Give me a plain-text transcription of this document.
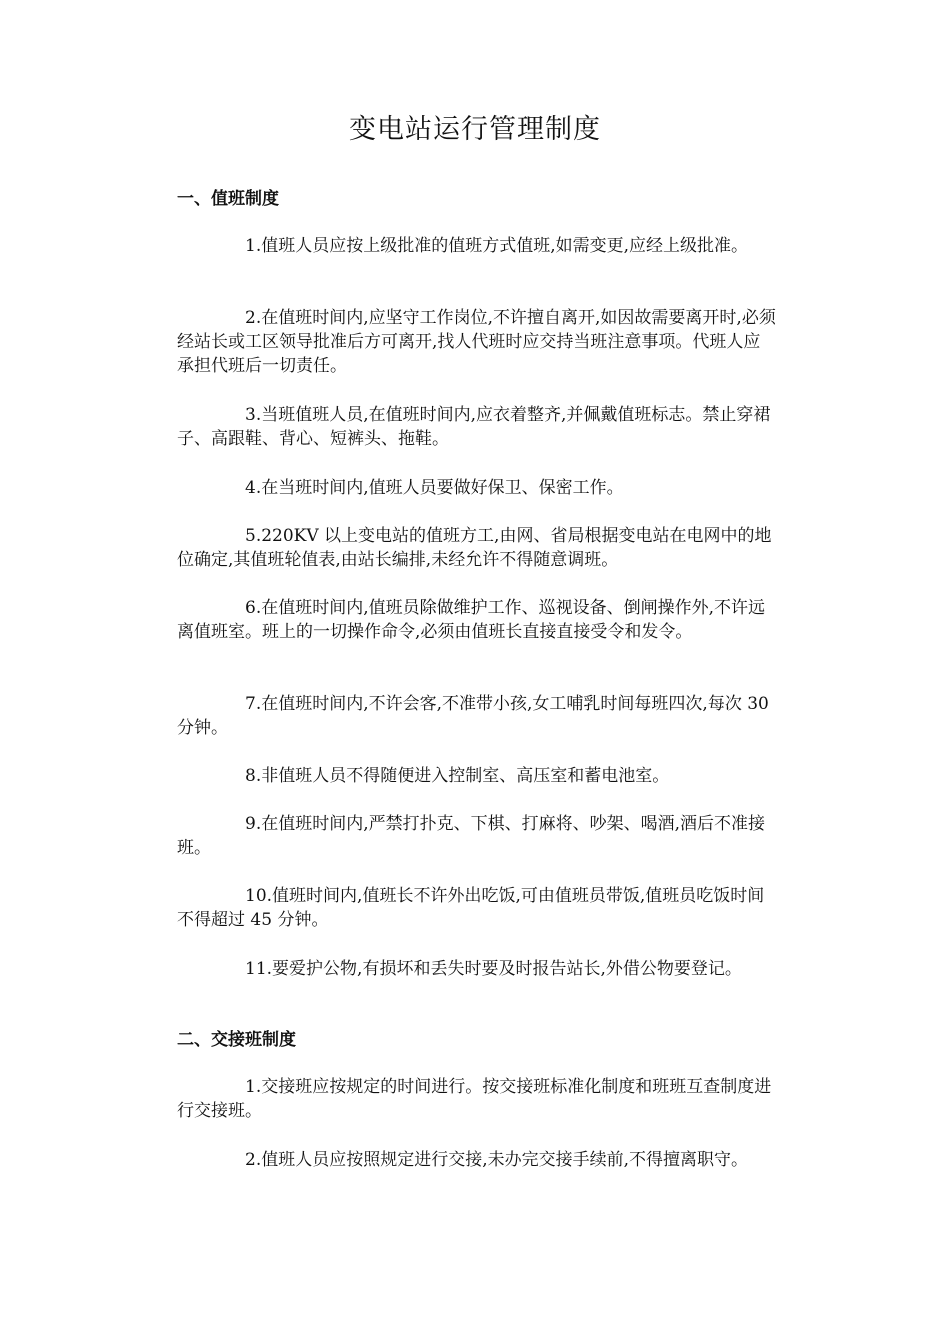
变电站运行管理制度
一、值班制度

1.值班人员应按上级批准的值班方式值班,如需变更,应经上级批准。

2.在值班时间内,应坚守工作岗位,不许擅自离开,如因故需要离开时,必须经站长或工区领导批准后方可离开,找人代班时应交持当班注意事项。代班人应承担代班后一切责任。

3.当班值班人员,在值班时间内,应衣着整齐,并佩戴值班标志。禁止穿裙子、高跟鞋、背心、短裤头、拖鞋。

4.在当班时间内,值班人员要做好保卫、保密工作。

5.220KV 以上变电站的值班方工,由网、省局根据变电站在电网中的地位确定,其值班轮值表,由站长编排,未经允许不得随意调班。

6.在值班时间内,值班员除做维护工作、巡视设备、倒闸操作外,不许远离值班室。班上的一切操作命令,必须由值班长直接直接受令和发令。

7.在值班时间内,不许会客,不准带小孩,女工哺乳时间每班四次,每次 30 分钟。

8.非值班人员不得随便进入控制室、高压室和蓄电池室。

9.在值班时间内,严禁打扑克、下棋、打麻将、吵架、喝酒,酒后不准接班。

10.值班时间内,值班长不许外出吃饭,可由值班员带饭,值班员吃饭时间不得超过 45 分钟。

11.要爱护公物,有损坏和丢失时要及时报告站长,外借公物要登记。

二、交接班制度

1.交接班应按规定的时间进行。按交接班标准化制度和班班互查制度进行交接班。

2.值班人员应按照规定进行交接,未办完交接手续前,不得擅离职守。
